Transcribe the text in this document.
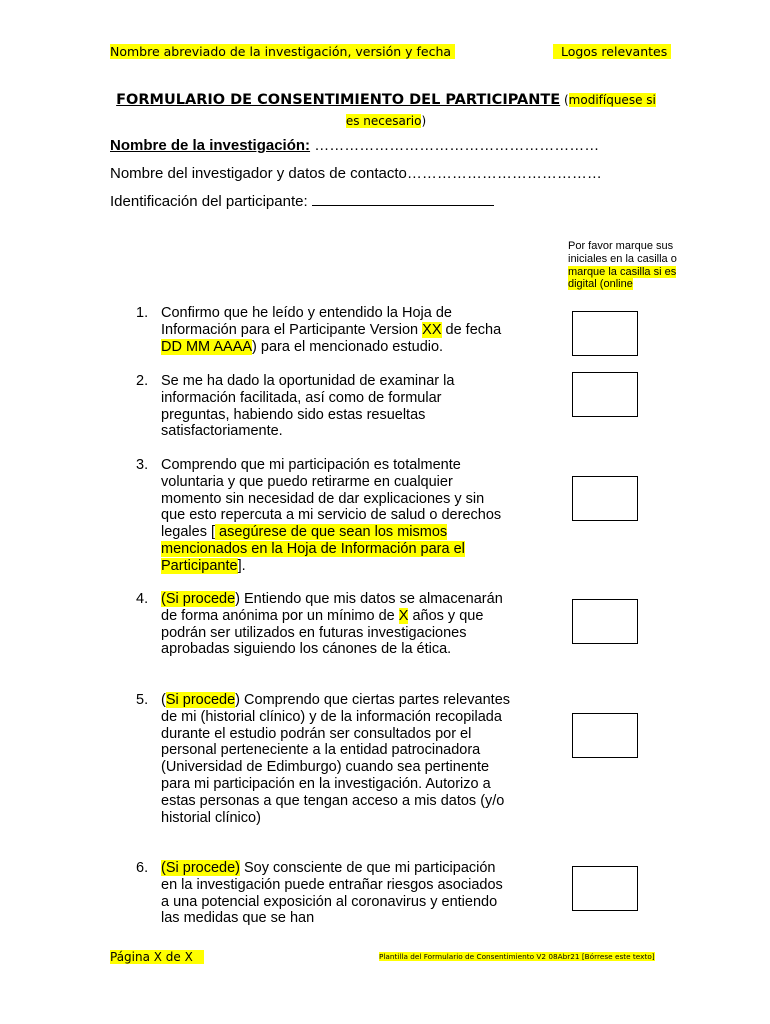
Nombre abreviado de la investigación, versión y fecha	Logos relevantes
FORMULARIO DE CONSENTIMIENTO DEL PARTICIPANTE (modifíquese si es necesario)
Nombre de la investigación: …………………………………………………
Nombre del investigador y datos de contacto…………………………………
Identificación del participante:
Por favor marque sus iniciales en la casilla o marque la casilla si es digital (online
1. Confirmo que he leído y entendido la Hoja de Información para el Participante Version XX de fecha DD MM AAAA) para el mencionado estudio.
2. Se me ha dado la oportunidad de examinar la información facilitada, así como de formular preguntas, habiendo sido estas resueltas satisfactoriamente.
3. Comprendo que mi participación es totalmente voluntaria y que puedo retirarme en cualquier momento sin necesidad de dar explicaciones y sin que esto repercuta a mi servicio de salud o derechos legales [ asegúrese de que sean los mismos mencionados en la Hoja de Información para el Participante].
4. (Si procede) Entiendo que mis datos se almacenarán de forma anónima por un mínimo de X años y que podrán ser utilizados en futuras investigaciones aprobadas siguiendo los cánones de la ética.
5. (Si procede) Comprendo que ciertas partes relevantes de mi (historial clínico) y de la información recopilada durante el estudio podrán ser consultados por el personal perteneciente a la entidad patrocinadora (Universidad de Edimburgo) cuando sea pertinente para mi participación en la investigación. Autorizo a estas personas a que tengan acceso a mis datos (y/o historial clínico)
6. (Si procede) Soy consciente de que mi participación en la investigación puede entrañar riesgos asociados a una potencial exposición al coronavirus y entiendo las medidas que se han
Página X de X	Plantilla del Formulario de Consentimiento V2 08Abr21 [Bórrese este texto]
